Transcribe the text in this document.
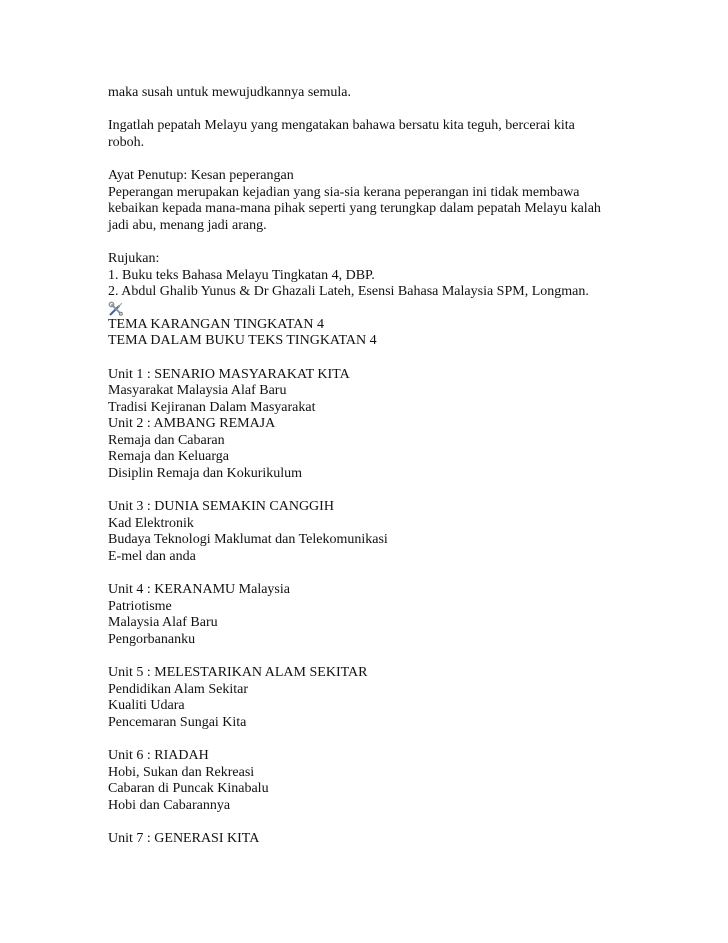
maka susah untuk mewujudkannya semula.
Ingatlah pepatah Melayu yang mengatakan bahawa bersatu kita teguh, bercerai kita
roboh.
Ayat Penutup: Kesan peperangan
Peperangan merupakan kejadian yang sia-sia kerana peperangan ini tidak membawa
kebaikan kepada mana-mana pihak seperti yang terungkap dalam pepatah Melayu kalah
jadi abu, menang jadi arang.
Rujukan:
1. Buku teks Bahasa Melayu Tingkatan 4, DBP.
2. Abdul Ghalib Yunus & Dr Ghazali Lateh, Esensi Bahasa Malaysia SPM, Longman.
TEMA KARANGAN TINGKATAN 4
TEMA DALAM BUKU TEKS TINGKATAN 4
Unit 1 : SENARIO MASYARAKAT KITA
Masyarakat Malaysia Alaf Baru
Tradisi Kejiranan Dalam Masyarakat
Unit 2 : AMBANG REMAJA
Remaja dan Cabaran
Remaja dan Keluarga
Disiplin Remaja dan Kokurikulum
Unit 3 : DUNIA SEMAKIN CANGGIH
Kad Elektronik
Budaya Teknologi Maklumat dan Telekomunikasi
E-mel dan anda
Unit 4 : KERANAMU Malaysia
Patriotisme
Malaysia Alaf Baru
Pengorbananku
Unit 5 : MELESTARIKAN ALAM SEKITAR
Pendidikan Alam Sekitar
Kualiti Udara
Pencemaran Sungai Kita
Unit 6 : RIADAH
Hobi, Sukan dan Rekreasi
Cabaran di Puncak Kinabalu
Hobi dan Cabarannya
Unit 7 : GENERASI KITA
